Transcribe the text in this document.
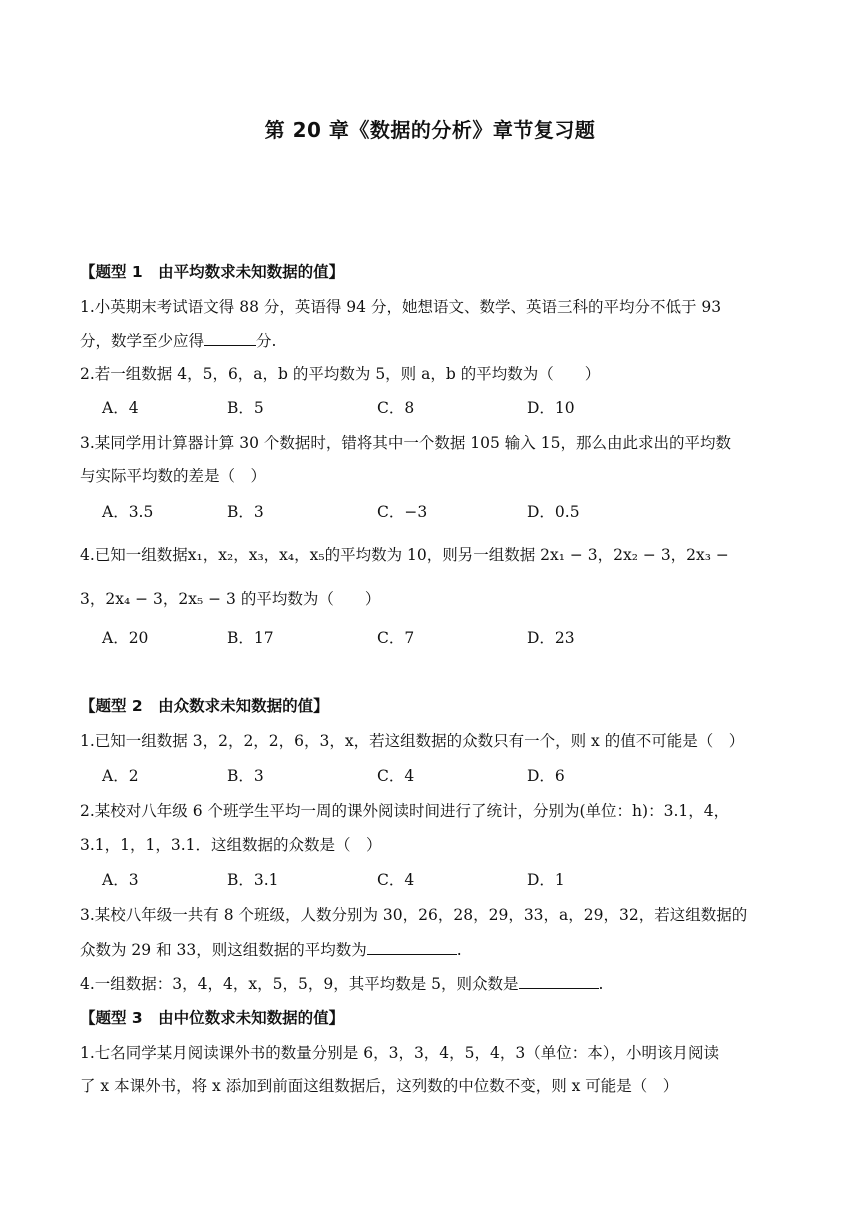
第 20 章《数据的分析》章节复习题
【题型 1　由平均数求未知数据的值】
1.小英期末考试语文得 88 分，英语得 94 分，她想语文、数学、英语三科的平均分不低于 93
分，数学至少应得	分.
2.若一组数据 4，5，6，a，b 的平均数为 5，则 a，b 的平均数为（　　）
A．4	B．5	C．8	D．10
3.某同学用计算器计算 30 个数据时，错将其中一个数据 105 输入 15，那么由此求出的平均数
与实际平均数的差是（　）
A．3.5	B．3	C．−3	D．0.5
4.已知一组数据x₁，x₂，x₃，x₄，x₅的平均数为 10，则另一组数据 2x₁ − 3，2x₂ − 3，2x₃ −
3，2x₄ − 3，2x₅ − 3 的平均数为（　　）
A．20	B．17	C．7	D．23
【题型 2　由众数求未知数据的值】
1.已知一组数据 3，2，2，2，6，3，x，若这组数据的众数只有一个，则 x 的值不可能是（　）
A．2	B．3	C．4	D．6
2.某校对八年级 6 个班学生平均一周的课外阅读时间进行了统计，分别为(单位：h)：3.1，4，
3.1，1，1，3.1．这组数据的众数是（　）
A．3	B．3.1	C．4	D．1
3.某校八年级一共有 8 个班级，人数分别为 30，26，28，29，33，a，29，32，若这组数据的
众数为 29 和 33，则这组数据的平均数为	.
4.一组数据：3，4，4，x，5，5，9，其平均数是 5，则众数是	.
【题型 3　由中位数求未知数据的值】
1.七名同学某月阅读课外书的数量分别是 6，3，3，4，5，4，3（单位：本），小明该月阅读
了 x 本课外书，将 x 添加到前面这组数据后，这列数的中位数不变，则 x 可能是（　）
